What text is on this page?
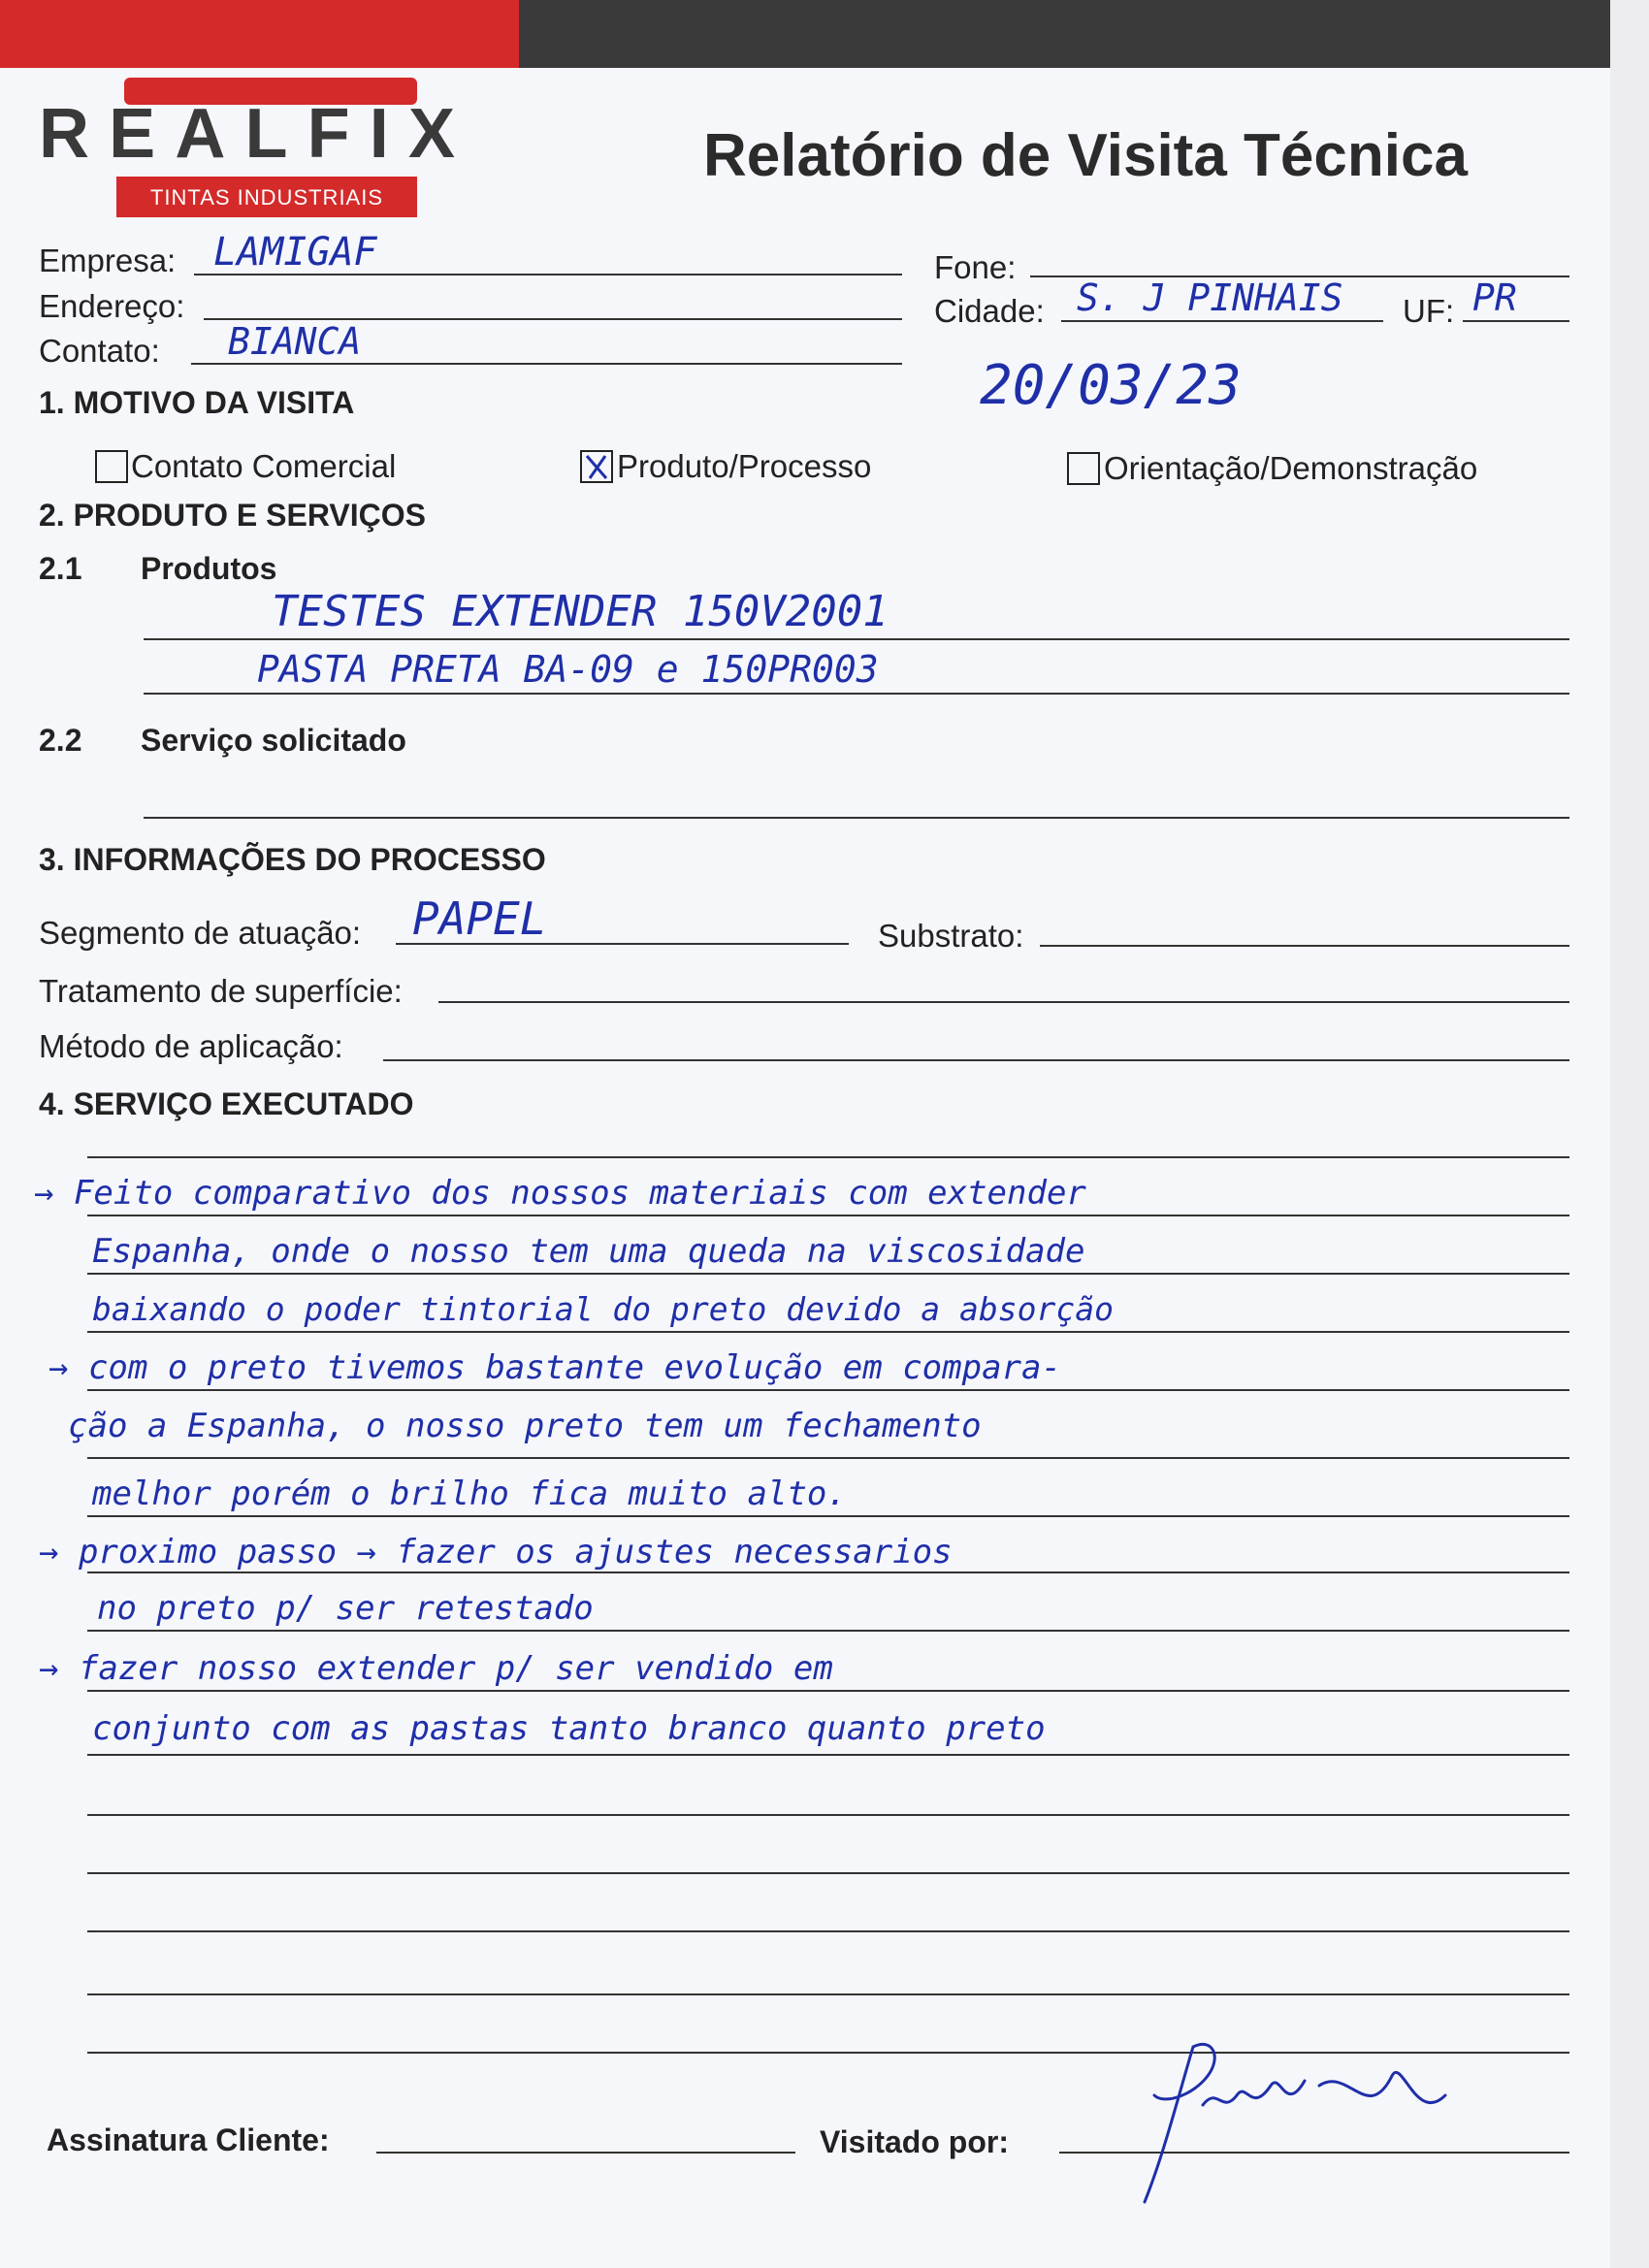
REALFIX
TINTAS INDUSTRIAIS
Relatório de Visita Técnica
Empresa: LAMIGAF
Endereço:
Contato: BIANCA
Fone:
Cidade: S. J PINHAIS UF: PR
20/03/23
1. MOTIVO DA VISITA
Contato Comercial	Produto/Processo	Orientação/Demonstração
2. PRODUTO E SERVIÇOS
2.1 Produtos
TESTES EXTENDER 150V2001
PASTA PRETA BA-09 e 150PR003
2.2 Serviço solicitado
3. INFORMAÇÕES DO PROCESSO
Segmento de atuação: PAPEL	Substrato:
Tratamento de superfície:
Método de aplicação:
4. SERVIÇO EXECUTADO
→ Feito comparativo dos nossos materiais com extender
Espanha, onde o nosso tem uma queda na viscosidade
baixando o poder tintorial do preto devido a absorção
→ com o preto tivemos bastante evolução em compara-
ção a Espanha, o nosso preto tem um fechamento
melhor porém o brilho fica muito alto.
→ proximo passo → fazer os ajustes necessarios
no preto p/ ser retestado
→ fazer nosso extender p/ ser vendido em
conjunto com as pastas tanto branco quanto preto
Assinatura Cliente:	Visitado por:
